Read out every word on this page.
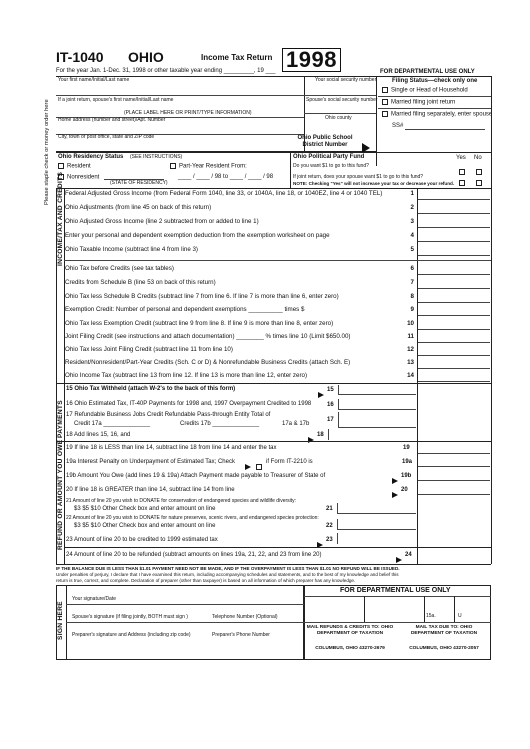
IT-1040 OHIO	Income Tax Return 1998
For the year Jan. 1-Dec. 31, 1998 or other taxable year ending _________, 19 ___	FOR DEPARTMENTAL USE ONLY
Please staple check or money order here
Your first name/Initial/Last name
If a joint return, spouse's first name/Initial/Last name
(PLACE LABEL HERE OR PRINT/TYPE INFORMATION)
Home address (number and street)/Apt. Number
City, town or post office, state and ZIP code
Your social security number
Spouse's social security number
Ohio county
Ohio Public School District Number
Filing Status—check only one
Single or Head of Household
Married filing joint return
Married filing separately, enter spouse
SS#
Ohio Residency Status (SEE INSTRUCTIONS)
Resident	Part-Year Resident From:
Nonresident	____ / ____ / 98 to ____ / ____ / 98
(STATE OF RESIDENCY)
Ohio Political Party Fund	Yes No
Do you want $1 to go to this fund?
If joint return, does your spouse want $1 to go to this fund?
NOTE: Checking "Yes" will not increase your tax or decrease your refund.
INCOME/TAX AND CREDITS
PAYMENTS
REFUND OR AMOUNT YOU OWE
Federal Adjusted Gross Income (from Federal Form 1040, line 33, or 1040A, line 18, or 1040EZ, line 4 or 1040 TEL)	1
Ohio Adjustments (from line 45 on back of this return)	2
Ohio Adjusted Gross Income (line 2 subtracted from or added to line 1)	3
Enter your personal and dependent exemption deduction from the exemption worksheet on page	4
Ohio Taxable Income (subtract line 4 from line 3)	5
Ohio Tax before Credits (see tax tables)	6
Credits from Schedule B (line 53 on back of this return)	7
Ohio Tax less Schedule B Credits (subtract line 7 from line 6. If line 7 is more than line 6, enter zero)	8
Exemption Credit: Number of personal and dependent exemptions __________ times $	9
Ohio Tax less Exemption Credit (subtract line 9 from line 8. If line 9 is more than line 8, enter zero)	10
Joint Filing Credit (see instructions and attach documentation) ________ % times line 10 (Limit $650.00)	11
Ohio Tax less Joint Filing Credit (subtract line 11 from line 10)	12
Resident/Nonresident/Part-Year Credits (Sch. C or D) & Nonrefundable Business Credits (attach Sch. E)	13
Ohio Income Tax (subtract line 13 from line 12. If line 13 is more than line 12, enter zero)	14
15 Ohio Tax Withheld (attach W-2's to the back of this form)	15
16 Ohio Estimated Tax, IT-40P Payments for 1998 and, 1997 Overpayment Credited to 1998	16
17 Refundable Business Jobs Credit Refundable Pass-through Entity Total of
Credit 17a ______________	Credits 17b ______________	17a & 17b
17
18 Add lines 15, 16, and	18
19 If line 18 is LESS than line 14, subtract line 18 from line 14 and enter the tax	19
19a Interest Penalty on Underpayment of Estimated Tax; Check	if Form IT-2210 is	19a
19b Amount You Owe (add lines 19 & 19a) Attach Payment made payable to Treasurer of State of	19b
20 If line 18 is GREATER than line 14, subtract line 14 from line	20
21 Amount of line 20 you wish to DONATE for conservation of endangered species and wildlife diversity:
$3 $5 $10 Other Check box and enter amount on line	21
22 Amount of line 20 you wish to DONATE for nature preserves, scenic rivers, and endangered species protection:
$3 $5 $10 Other Check box and enter amount on line	22
23 Amount of line 20 to be credited to 1999 estimated tax	23
24 Amount of line 20 to be refunded (subtract amounts on lines 19a, 21, 22, and 23 from line 20)	24
IF THE BALANCE DUE IS LESS THAN $1.01 PAYMENT NEED NOT BE MADE, AND IF THE OVERPAYMENT IS LESS THAN $1.01 NO REFUND WILL BE ISSUED.
Under penalties of perjury, I declare that I have examined this return, including accompanying schedules and statements, and to the best of my knowledge and belief this
return is true, correct, and complete. Declaration of preparer (other than taxpayer) is based on all information of which preparer has any knowledge.
SIGN HERE
Your signature/Date
Spouse's signature (if filing jointly, BOTH must sign )	Telephone Number (Optional)
Preparer's signature and Address (including zip code)	Preparer's Phone Number
FOR DEPARTMENTAL USE ONLY
15a.	U
MAIL REFUNDS & CREDITS TO: OHIO DEPARTMENT OF TAXATION
COLUMBUS, OHIO 43270-2679
MAIL TAX DUE TO: OHIO DEPARTMENT OF TAXATION
COLUMBUS, OHIO 43270-2057
